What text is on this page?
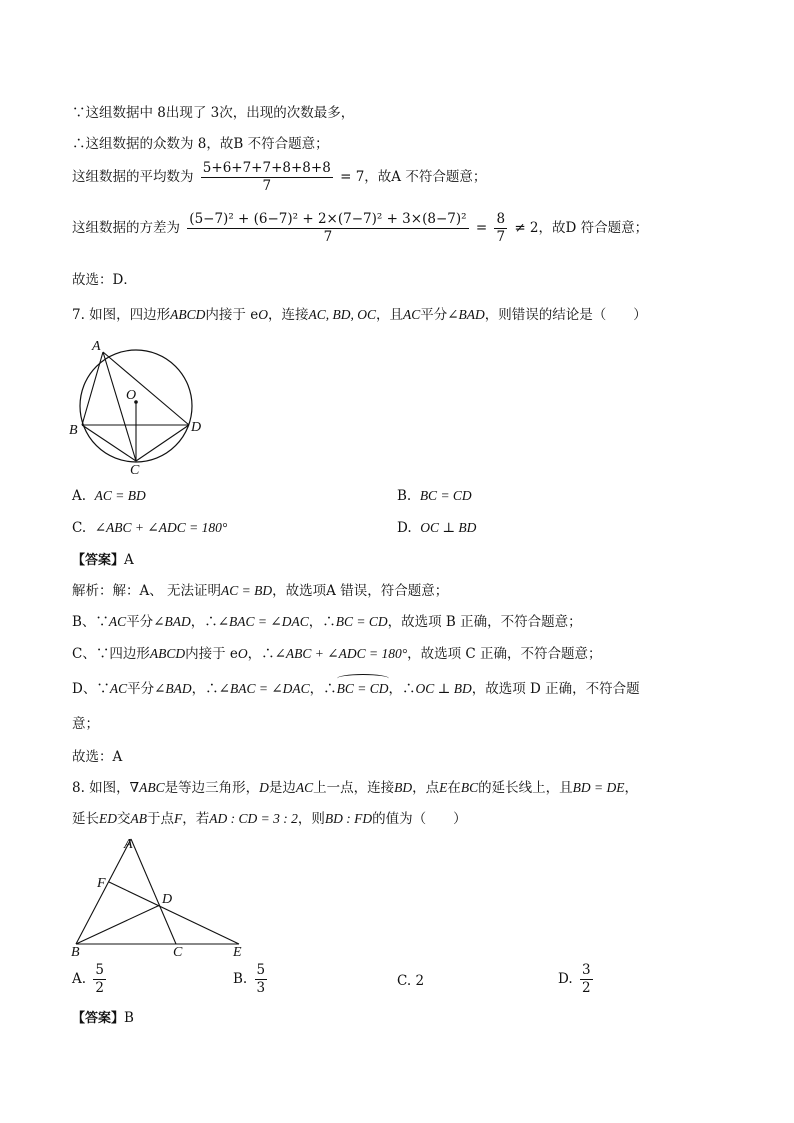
∵这组数据中 8出现了 3次，出现的次数最多，
∴这组数据的众数为 8，故B 不符合题意；
这组数据的平均数为 $\frac{5+6+7+7+8+8+8}{7} = 7$，故A 不符合题意；
这组数据的方差为 $\frac{\text{(5−7)² + (6−7)² + 2×(7−7)² + 3×(8−7)²}}{7} = \frac{8}{7} \ne 2$，故D 符合题意；
故选：D．
7. 如图，四边形ABCD内接于 eO，连接AC, BD, OC，且AC平分∠BAD，则错误的结论是（　　）
A
B
C
D
O
A. AC = BD	B. BC = CD
C. ∠ABC + ∠ADC = 180°	D. OC ⊥ BD
【答案】A
解析：解：A、 无法证明AC = BD，故选项A 错误，符合题意；
B、∵AC平分∠BAD，∴∠BAC = ∠DAC，∴BC = CD，故选项 B 正确，不符合题意；
C、∵四边形ABCD内接于 eO，∴∠ABC + ∠ADC = 180°，故选项 C 正确，不符合题意；
D、∵AC平分∠BAD，∴∠BAC = ∠DAC，∴BC = CD，∴OC ⊥ BD，故选项 D 正确，不符合题
意；
故选：A
8. 如图，∇ABC是等边三角形，D是边AC上一点，连接BD，点E在BC的延长线上，且BD = DE，
延长ED交AB于点F，若AD : CD = 3 : 2，则BD : FD的值为（　　）
A
F
D
B	C	E
A. $\frac{5}{2}$	B. $\frac{5}{3}$	C. 2	D. $\frac{3}{2}$
【答案】B
